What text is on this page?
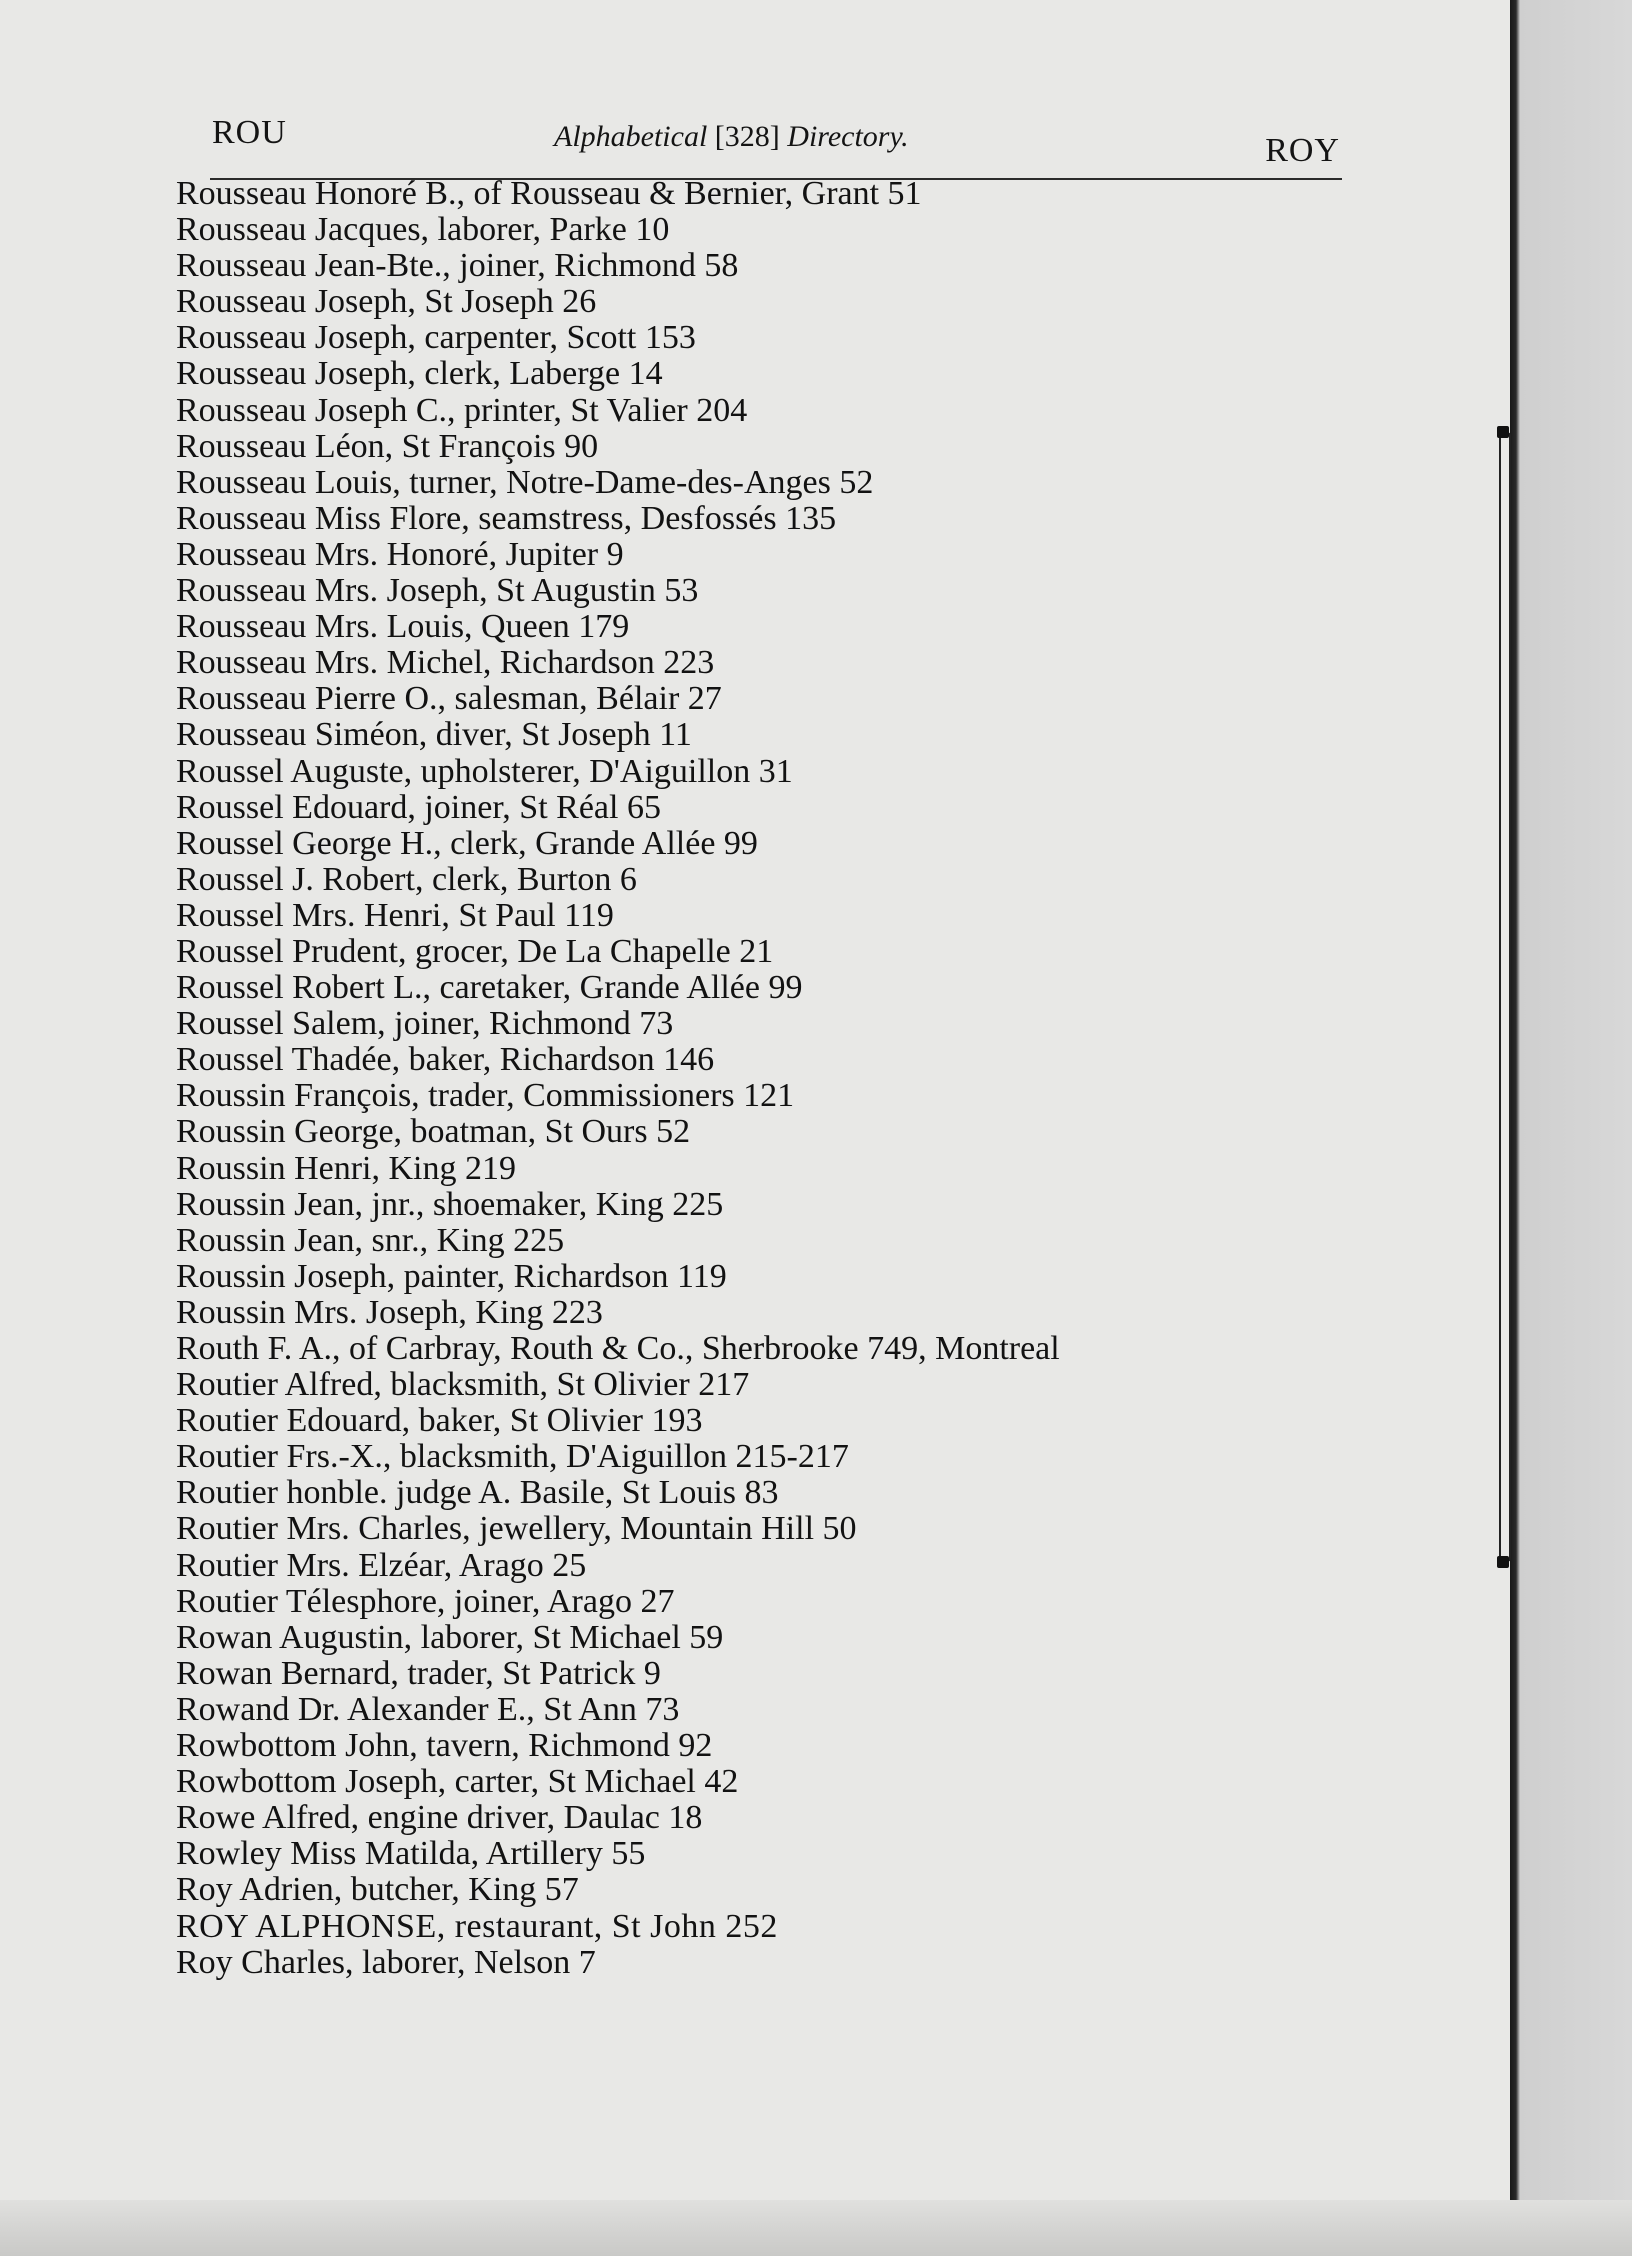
ROU	Alphabetical [328] Directory.	ROY
Rousseau Honoré B., of Rousseau & Bernier, Grant 51
Rousseau Jacques, laborer, Parke 10
Rousseau Jean-Bte., joiner, Richmond 58
Rousseau Joseph, St Joseph 26
Rousseau Joseph, carpenter, Scott 153
Rousseau Joseph, clerk, Laberge 14
Rousseau Joseph C., printer, St Valier 204
Rousseau Léon, St François 90
Rousseau Louis, turner, Notre-Dame-des-Anges 52
Rousseau Miss Flore, seamstress, Desfossés 135
Rousseau Mrs. Honoré, Jupiter 9
Rousseau Mrs. Joseph, St Augustin 53
Rousseau Mrs. Louis, Queen 179
Rousseau Mrs. Michel, Richardson 223
Rousseau Pierre O., salesman, Bélair 27
Rousseau Siméon, diver, St Joseph 11
Roussel Auguste, upholsterer, D'Aiguillon 31
Roussel Edouard, joiner, St Réal 65
Roussel George H., clerk, Grande Allée 99
Roussel J. Robert, clerk, Burton 6
Roussel Mrs. Henri, St Paul 119
Roussel Prudent, grocer, De La Chapelle 21
Roussel Robert L., caretaker, Grande Allée 99
Roussel Salem, joiner, Richmond 73
Roussel Thadée, baker, Richardson 146
Roussin François, trader, Commissioners 121
Roussin George, boatman, St Ours 52
Roussin Henri, King 219
Roussin Jean, jnr., shoemaker, King 225
Roussin Jean, snr., King 225
Roussin Joseph, painter, Richardson 119
Roussin Mrs. Joseph, King 223
Routh F. A., of Carbray, Routh & Co., Sherbrooke 749, Montreal
Routier Alfred, blacksmith, St Olivier 217
Routier Edouard, baker, St Olivier 193
Routier Frs.-X., blacksmith, D'Aiguillon 215-217
Routier honble. judge A. Basile, St Louis 83
Routier Mrs. Charles, jewellery, Mountain Hill 50
Routier Mrs. Elzéar, Arago 25
Routier Télesphore, joiner, Arago 27
Rowan Augustin, laborer, St Michael 59
Rowan Bernard, trader, St Patrick 9
Rowand Dr. Alexander E., St Ann 73
Rowbottom John, tavern, Richmond 92
Rowbottom Joseph, carter, St Michael 42
Rowe Alfred, engine driver, Daulac 18
Rowley Miss Matilda, Artillery 55
Roy Adrien, butcher, King 57
ROY ALPHONSE, restaurant, St John 252
Roy Charles, laborer, Nelson 7
